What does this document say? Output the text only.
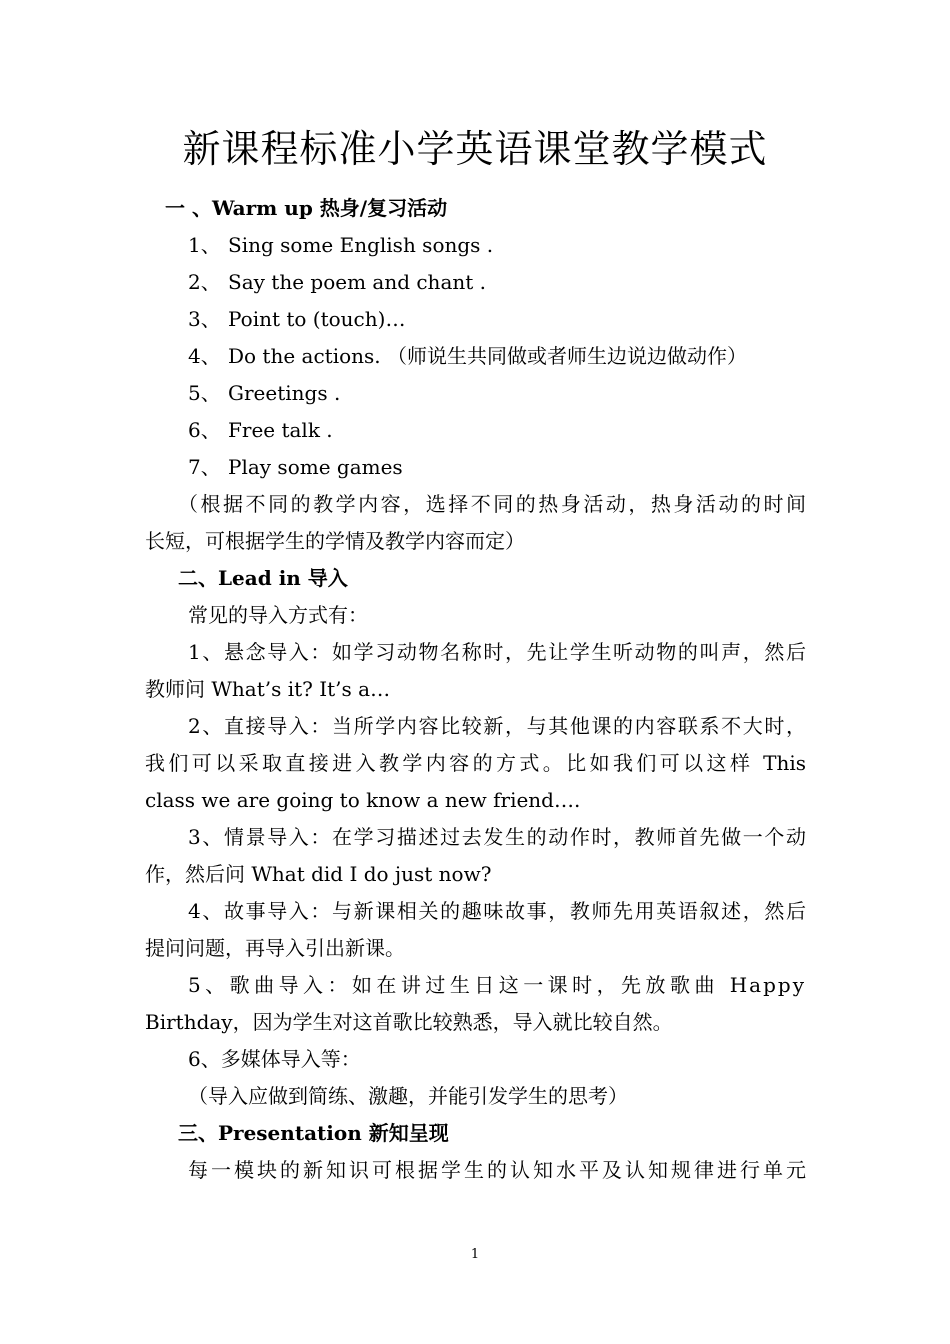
新课程标准小学英语课堂教学模式
一 、Warm up 热身/复习活动
1、 Sing some English songs .
2、 Say the poem and chant .
3、 Point to (touch)…
4、 Do the actions. （师说生共同做或者师生边说边做动作）
5、 Greetings .
6、 Free talk .
7、 Play some games
（根据不同的教学内容，选择不同的热身活动，热身活动的时间
长短，可根据学生的学情及教学内容而定）
二、Lead in 导入
常见的导入方式有：
1、悬念导入：如学习动物名称时，先让学生听动物的叫声，然后
教师问 What’s it? It’s a…
2、直接导入：当所学内容比较新，与其他课的内容联系不大时，
我们可以采取直接进入教学内容的方式。比如我们可以这样 This
class we are going to know a new friend….
3、情景导入：在学习描述过去发生的动作时，教师首先做一个动
作，然后问 What did I do just now?
4、故事导入：与新课相关的趣味故事，教师先用英语叙述，然后
提问问题，再导入引出新课。
5、歌曲导入：如在讲过生日这一课时，先放歌曲 Happy
Birthday，因为学生对这首歌比较熟悉，导入就比较自然。
6、多媒体导入等：
（导入应做到简练、激趣，并能引发学生的思考）
三、Presentation 新知呈现
每一模块的新知识可根据学生的认知水平及认知规律进行单元
1
